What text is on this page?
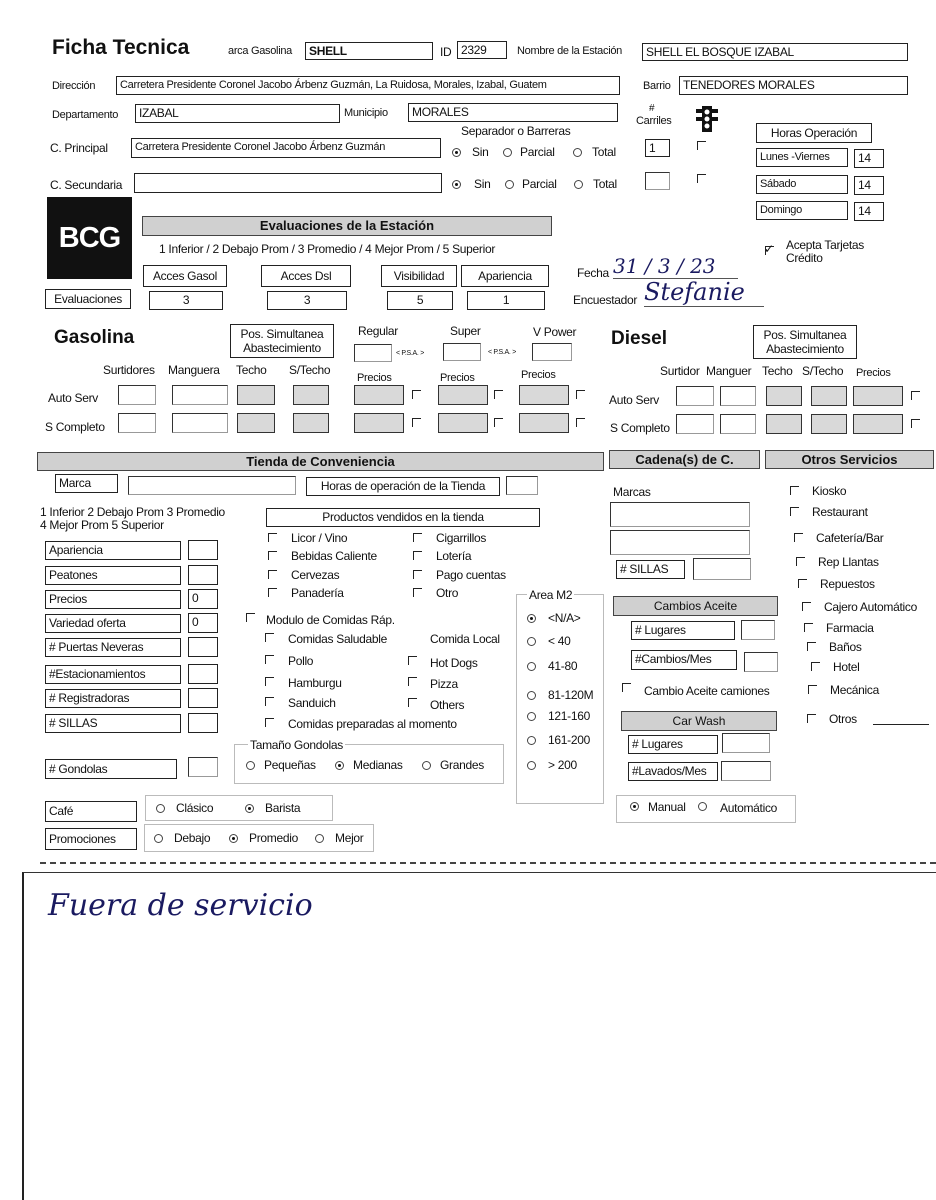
Ficha Tecnica	arca Gasolina	SHELL	ID 2329	Nombre de la Estación	SHELL EL BOSQUE IZABAL
Dirección	Carretera Presidente Coronel Jacobo Árbenz Guzmán, La Ruidosa, Morales, Izabal, Guatem	Barrio	TENEDORES MORALES
Departamento	IZABAL	Municipio	MORALES
C. Principal	Carretera Presidente Coronel Jacobo Árbenz Guzmán
C. Secundaria
Separador o Barreras
Sin	Parcial	Total
Sin	Parcial	Total
#
Carriles
1
Horas Operación
Lunes -Viernes	14
Sábado	14
Domingo	14
BCG	Evaluaciones de la Estación
1 Inferior / 2 Debajo Prom / 3 Promedio / 4 Mejor Prom / 5 Superior	✓ Acepta Tarjetas Crédito
Acces Gasol
3
Acces Dsl
3
Visibilidad
5
Apariencia
1
Evaluaciones
Fecha 31 / 3 / 23
Encuestador Stefanie
Gasolina	Pos. Simultanea Abastecimiento
Regular	Super	V Power
< P.S.A. >	< P.S.A. >
Surtidores Manguera Techo S/Techo
Precios	Precios	Precios
Auto Serv
S Completo
Diesel	Pos. Simultanea Abastecimiento
Surtidor Manguer Techo S/Techo Precios
Auto Serv
S Completo
Tienda de Conveniencia	Cadena(s) de C.	Otros Servicios
Marca	Horas de operación de la Tienda
1 Inferior 2 Debajo Prom 3 Promedio
4 Mejor Prom 5 Superior
Productos vendidos en la tienda
Apariencia
Peatones
Precios	0
Variedad oferta	0
# Puertas Neveras
#Estacionamientos
# Registradoras
# SILLAS
# Gondolas
Licor / Vino
Bebidas Caliente
Cervezas
Panadería
Cigarrillos
Lotería
Pago cuentas
Otro
Modulo de Comidas Ráp.
Comida Local
Comidas Saludable
Pollo
Hamburgu
Sanduich
Comidas preparadas al momento
Hot Dogs
Pizza
Others
Tamaño Gondolas
Pequeñas	Medianas	Grandes
Café	Clásico	Barista
Promociones	Debajo	Promedio	Mejor
Area M2
<N/A>
< 40
41-80
81-120M
121-160
161-200
> 200
Marcas
# SILLAS
Cambios Aceite
# Lugares
#Cambios/Mes
Cambio Aceite camiones
Car Wash
# Lugares
#Lavados/Mes
Manual	Automático
Kiosko
Restaurant
Cafetería/Bar
Rep Llantas
Repuestos
Cajero Automático
Farmacia
Baños
Hotel
Mecánica
Otros
Fuera de servicio
